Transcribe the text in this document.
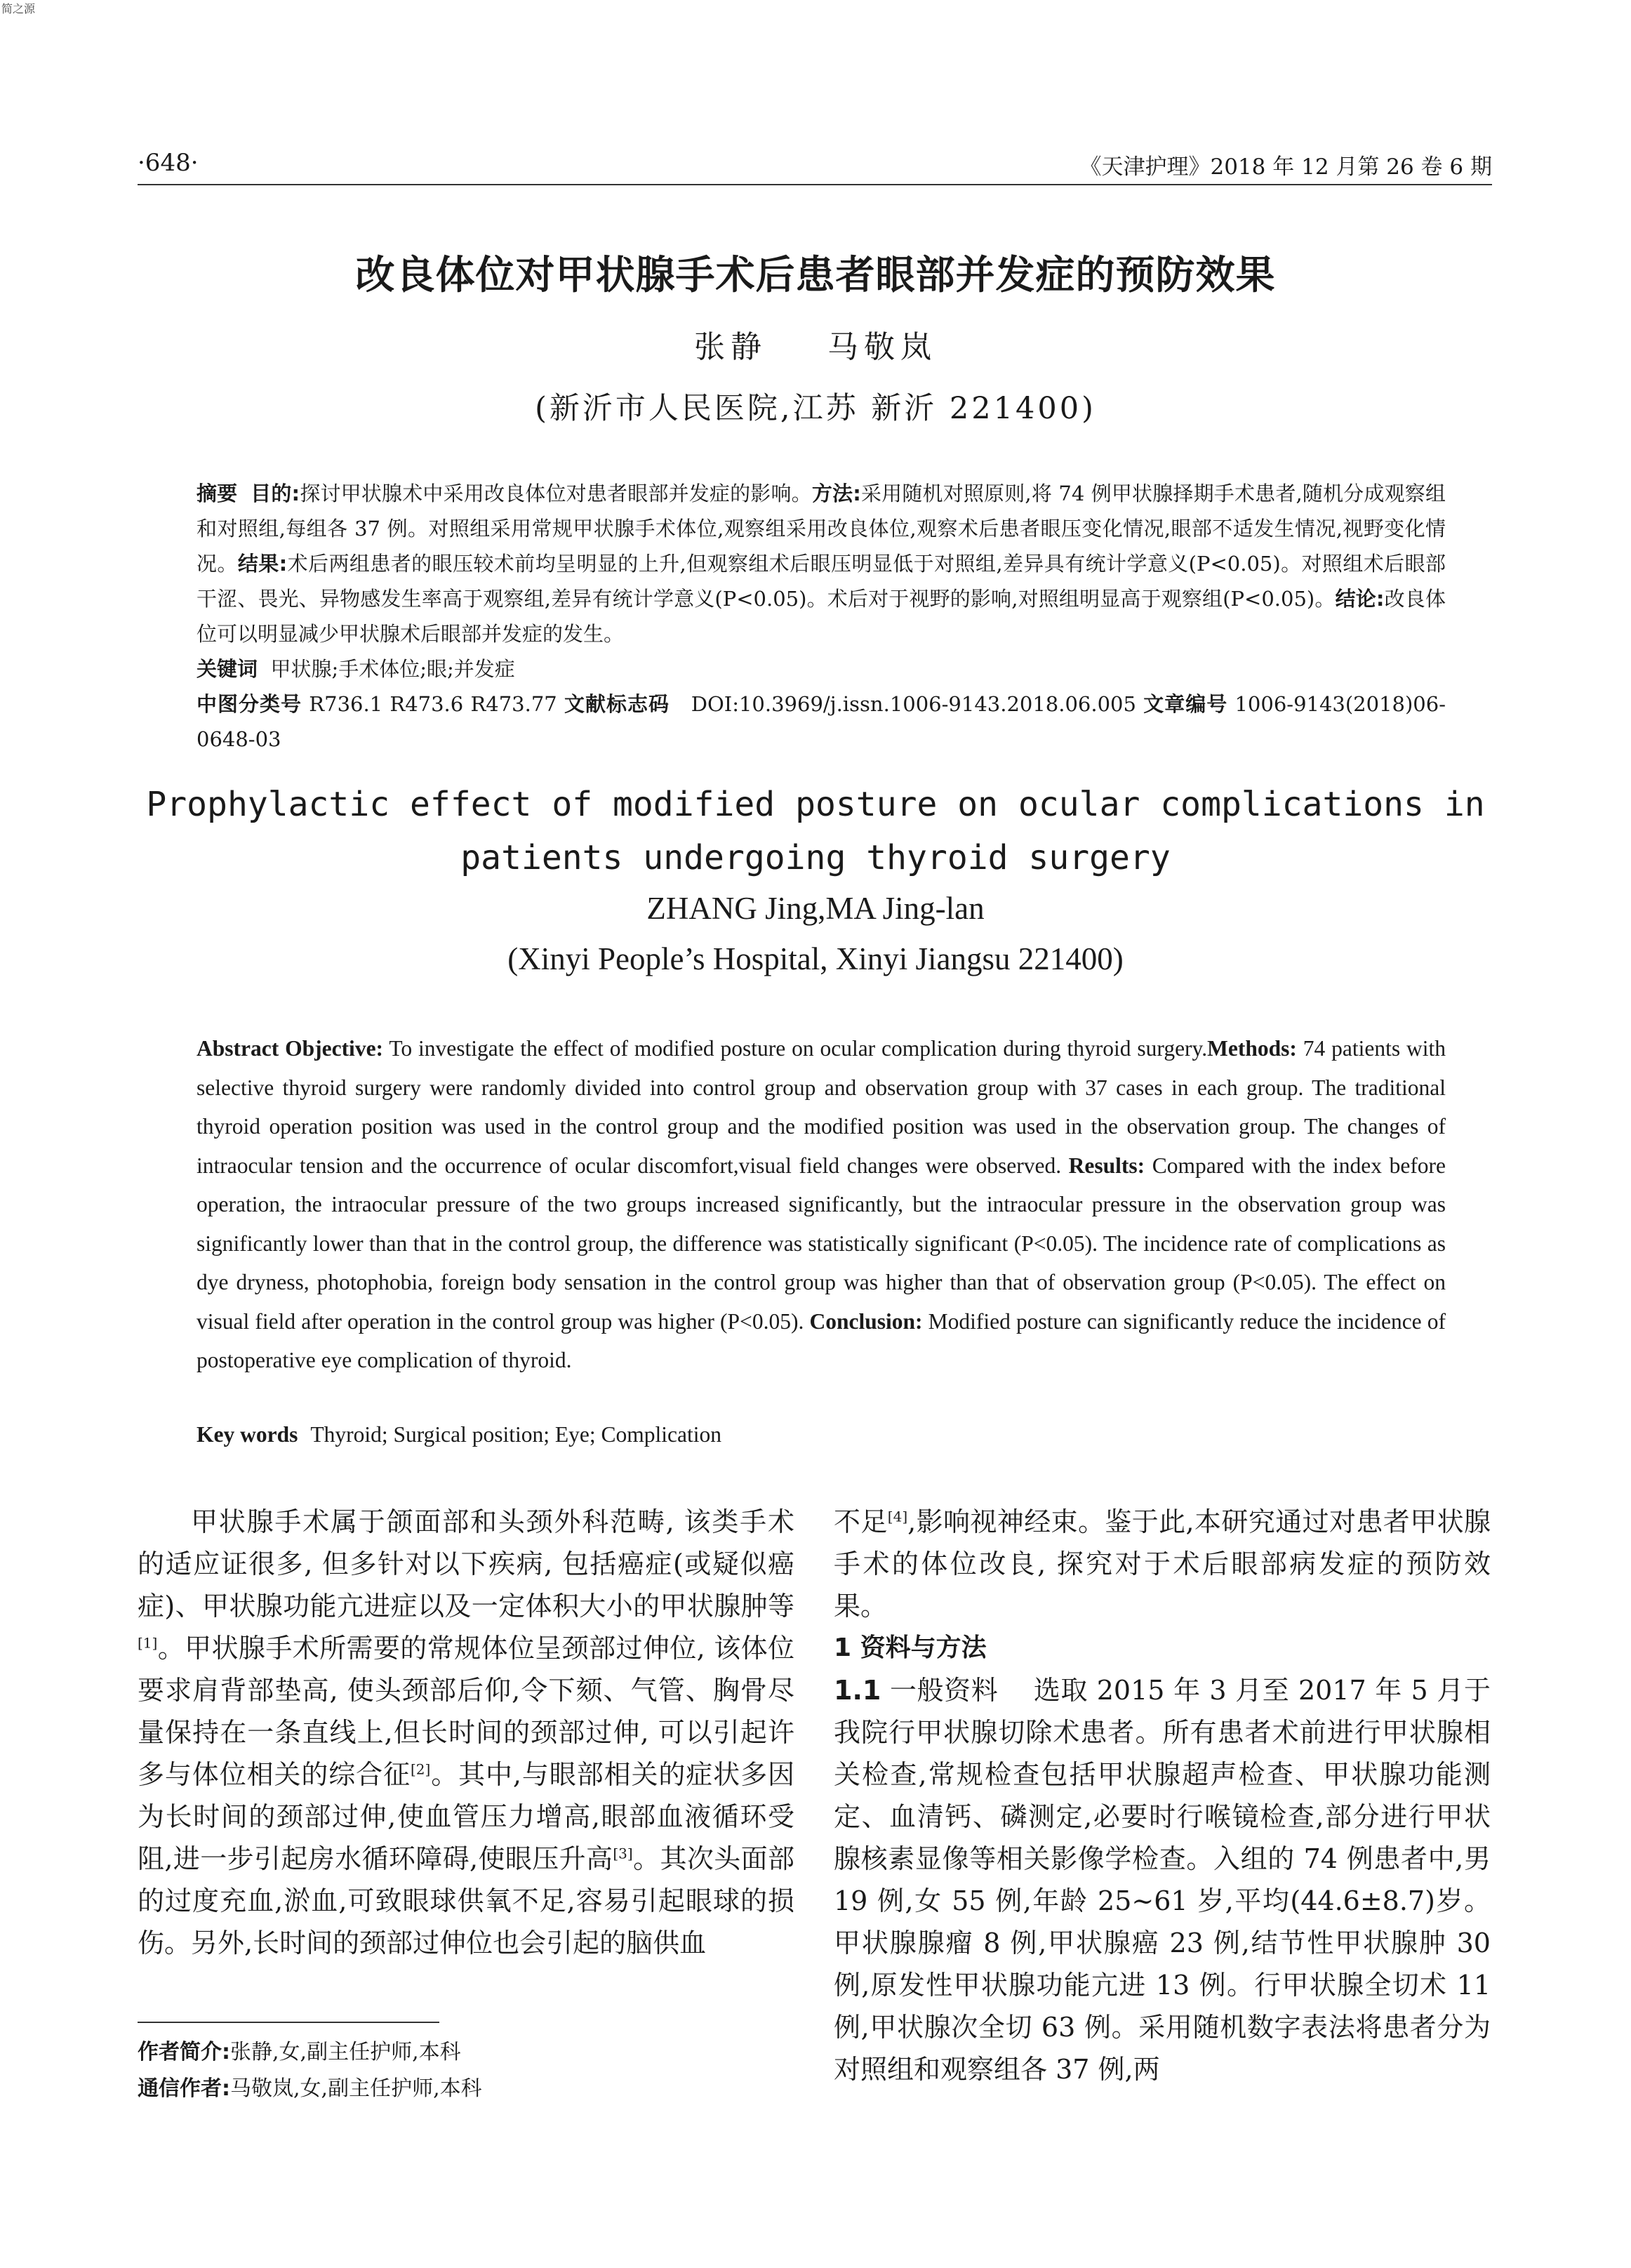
简之源
·648·	《天津护理》2018 年 12 月第 26 卷 6 期
改良体位对甲状腺手术后患者眼部并发症的预防效果
张静 马敬岚
(新沂市人民医院,江苏 新沂 221400)

摘要 目的:探讨甲状腺术中采用改良体位对患者眼部并发症的影响。方法:采用随机对照原则,将 74 例甲状腺择期手术患者,随机分成观察组和对照组,每组各 37 例。对照组采用常规甲状腺手术体位,观察组采用改良体位,观察术后患者眼压变化情况,眼部不适发生情况,视野变化情况。结果:术后两组患者的眼压较术前均呈明显的上升,但观察组术后眼压明显低于对照组,差异具有统计学意义(P<0.05)。对照组术后眼部干涩、畏光、异物感发生率高于观察组,差异有统计学意义(P<0.05)。术后对于视野的影响,对照组明显高于观察组(P<0.05)。结论:改良体位可以明显减少甲状腺术后眼部并发症的发生。

关键词 甲状腺;手术体位;眼;并发症

中图分类号 R736.1 R473.6 R473.77 文献标志码 DOI:10.3969/j.issn.1006-9143.2018.06.005 文章编号 1006-9143(2018)06-0648-03

Prophylactic effect of modified posture on ocular complications in
patients undergoing thyroid surgery
ZHANG Jing,MA Jing-lan
(Xinyi People’s Hospital, Xinyi Jiangsu 221400)

Abstract Objective: To investigate the effect of modified posture on ocular complication during thyroid surgery.Methods: 74 patients with selective thyroid surgery were randomly divided into control group and observation group with 37 cases in each group. The traditional thyroid operation position was used in the control group and the modified position was used in the observation group. The changes of intraocular tension and the occurrence of ocular discomfort,visual field changes were observed. Results: Compared with the index before operation, the intraocular pressure of the two groups increased significantly, but the intraocular pressure in the observation group was significantly lower than that in the control group, the difference was statistically significant (P<0.05). The incidence rate of complications as dye dryness, photophobia, foreign body sensation in the control group was higher than that of observation group (P<0.05). The effect on visual field after operation in the control group was higher (P<0.05). Conclusion: Modified posture can significantly reduce the incidence of postoperative eye complication of thyroid.

Key words Thyroid; Surgical position; Eye; Complication

甲状腺手术属于颌面部和头颈外科范畴, 该类手术的适应证很多, 但多针对以下疾病, 包括癌症(或疑似癌症)、甲状腺功能亢进症以及一定体积大小的甲状腺肿等[1]。甲状腺手术所需要的常规体位呈颈部过伸位, 该体位要求肩背部垫高, 使头颈部后仰,令下颏、气管、胸骨尽量保持在一条直线上,但长时间的颈部过伸, 可以引起许多与体位相关的综合征[2]。其中,与眼部相关的症状多因为长时间的颈部过伸,使血管压力增高,眼部血液循环受阻,进一步引起房水循环障碍,使眼压升高[3]。其次头面部的过度充血,淤血,可致眼球供氧不足,容易引起眼球的损伤。另外,长时间的颈部过伸位也会引起的脑供血

不足[4],影响视神经束。鉴于此,本研究通过对患者甲状腺手术的体位改良, 探究对于术后眼部病发症的预防效果。

1 资料与方法

1.1 一般资料 选取 2015 年 3 月至 2017 年 5 月于我院行甲状腺切除术患者。所有患者术前进行甲状腺相关检查,常规检查包括甲状腺超声检查、甲状腺功能测定、血清钙、磷测定,必要时行喉镜检查,部分进行甲状腺核素显像等相关影像学检查。入组的 74 例患者中,男 19 例,女 55 例,年龄 25~61 岁,平均(44.6±8.7)岁。甲状腺腺瘤 8 例,甲状腺癌 23 例,结节性甲状腺肿 30 例,原发性甲状腺功能亢进 13 例。行甲状腺全切术 11 例,甲状腺次全切 63 例。采用随机数字表法将患者分为对照组和观察组各 37 例,两

作者简介:张静,女,副主任护师,本科
通信作者:马敬岚,女,副主任护师,本科
